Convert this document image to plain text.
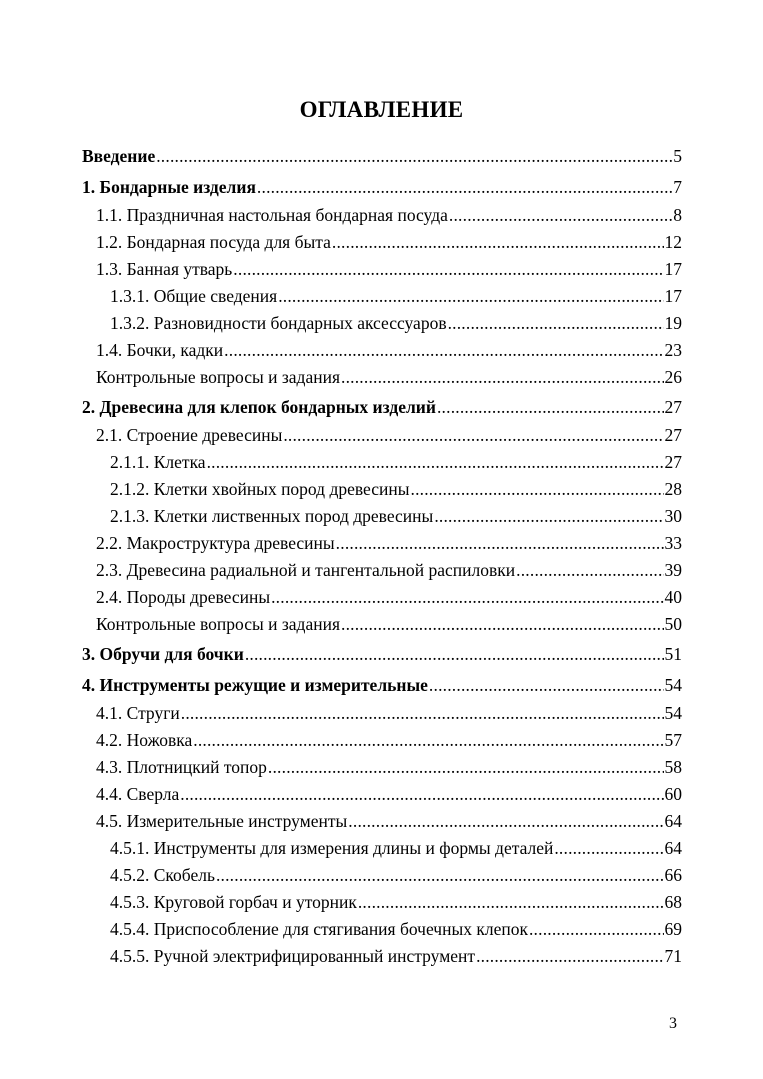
ОГЛАВЛЕНИЕ
Введение .....	5
1. Бондарные изделия .....	7
1.1. Праздничная настольная бондарная посуда .....	8
1.2. Бондарная посуда для быта .....	12
1.3. Банная утварь .....	17
1.3.1. Общие сведения .....	17
1.3.2. Разновидности бондарных аксессуаров .....	19
1.4. Бочки, кадки .....	23
Контрольные вопросы и задания .....	26
2. Древесина для клепок бондарных изделий .....	27
2.1. Строение древесины .....	27
2.1.1. Клетка .....	27
2.1.2. Клетки хвойных пород древесины .....	28
2.1.3. Клетки лиственных пород древесины .....	30
2.2. Макроструктура древесины .....	33
2.3. Древесина радиальной и тангентальной распиловки .....	39
2.4. Породы древесины .....	40
Контрольные вопросы и задания .....	50
3. Обручи для бочки .....	51
4. Инструменты режущие и измерительные .....	54
4.1. Струги .....	54
4.2. Ножовка .....	57
4.3. Плотницкий топор .....	58
4.4. Сверла .....	60
4.5. Измерительные инструменты .....	64
4.5.1. Инструменты для измерения длины и формы деталей .....	64
4.5.2. Скобель .....	66
4.5.3. Круговой горбач и уторник .....	68
4.5.4. Приспособление для стягивания бочечных клепок .....	69
4.5.5. Ручной электрифицированный инструмент .....	71
3
